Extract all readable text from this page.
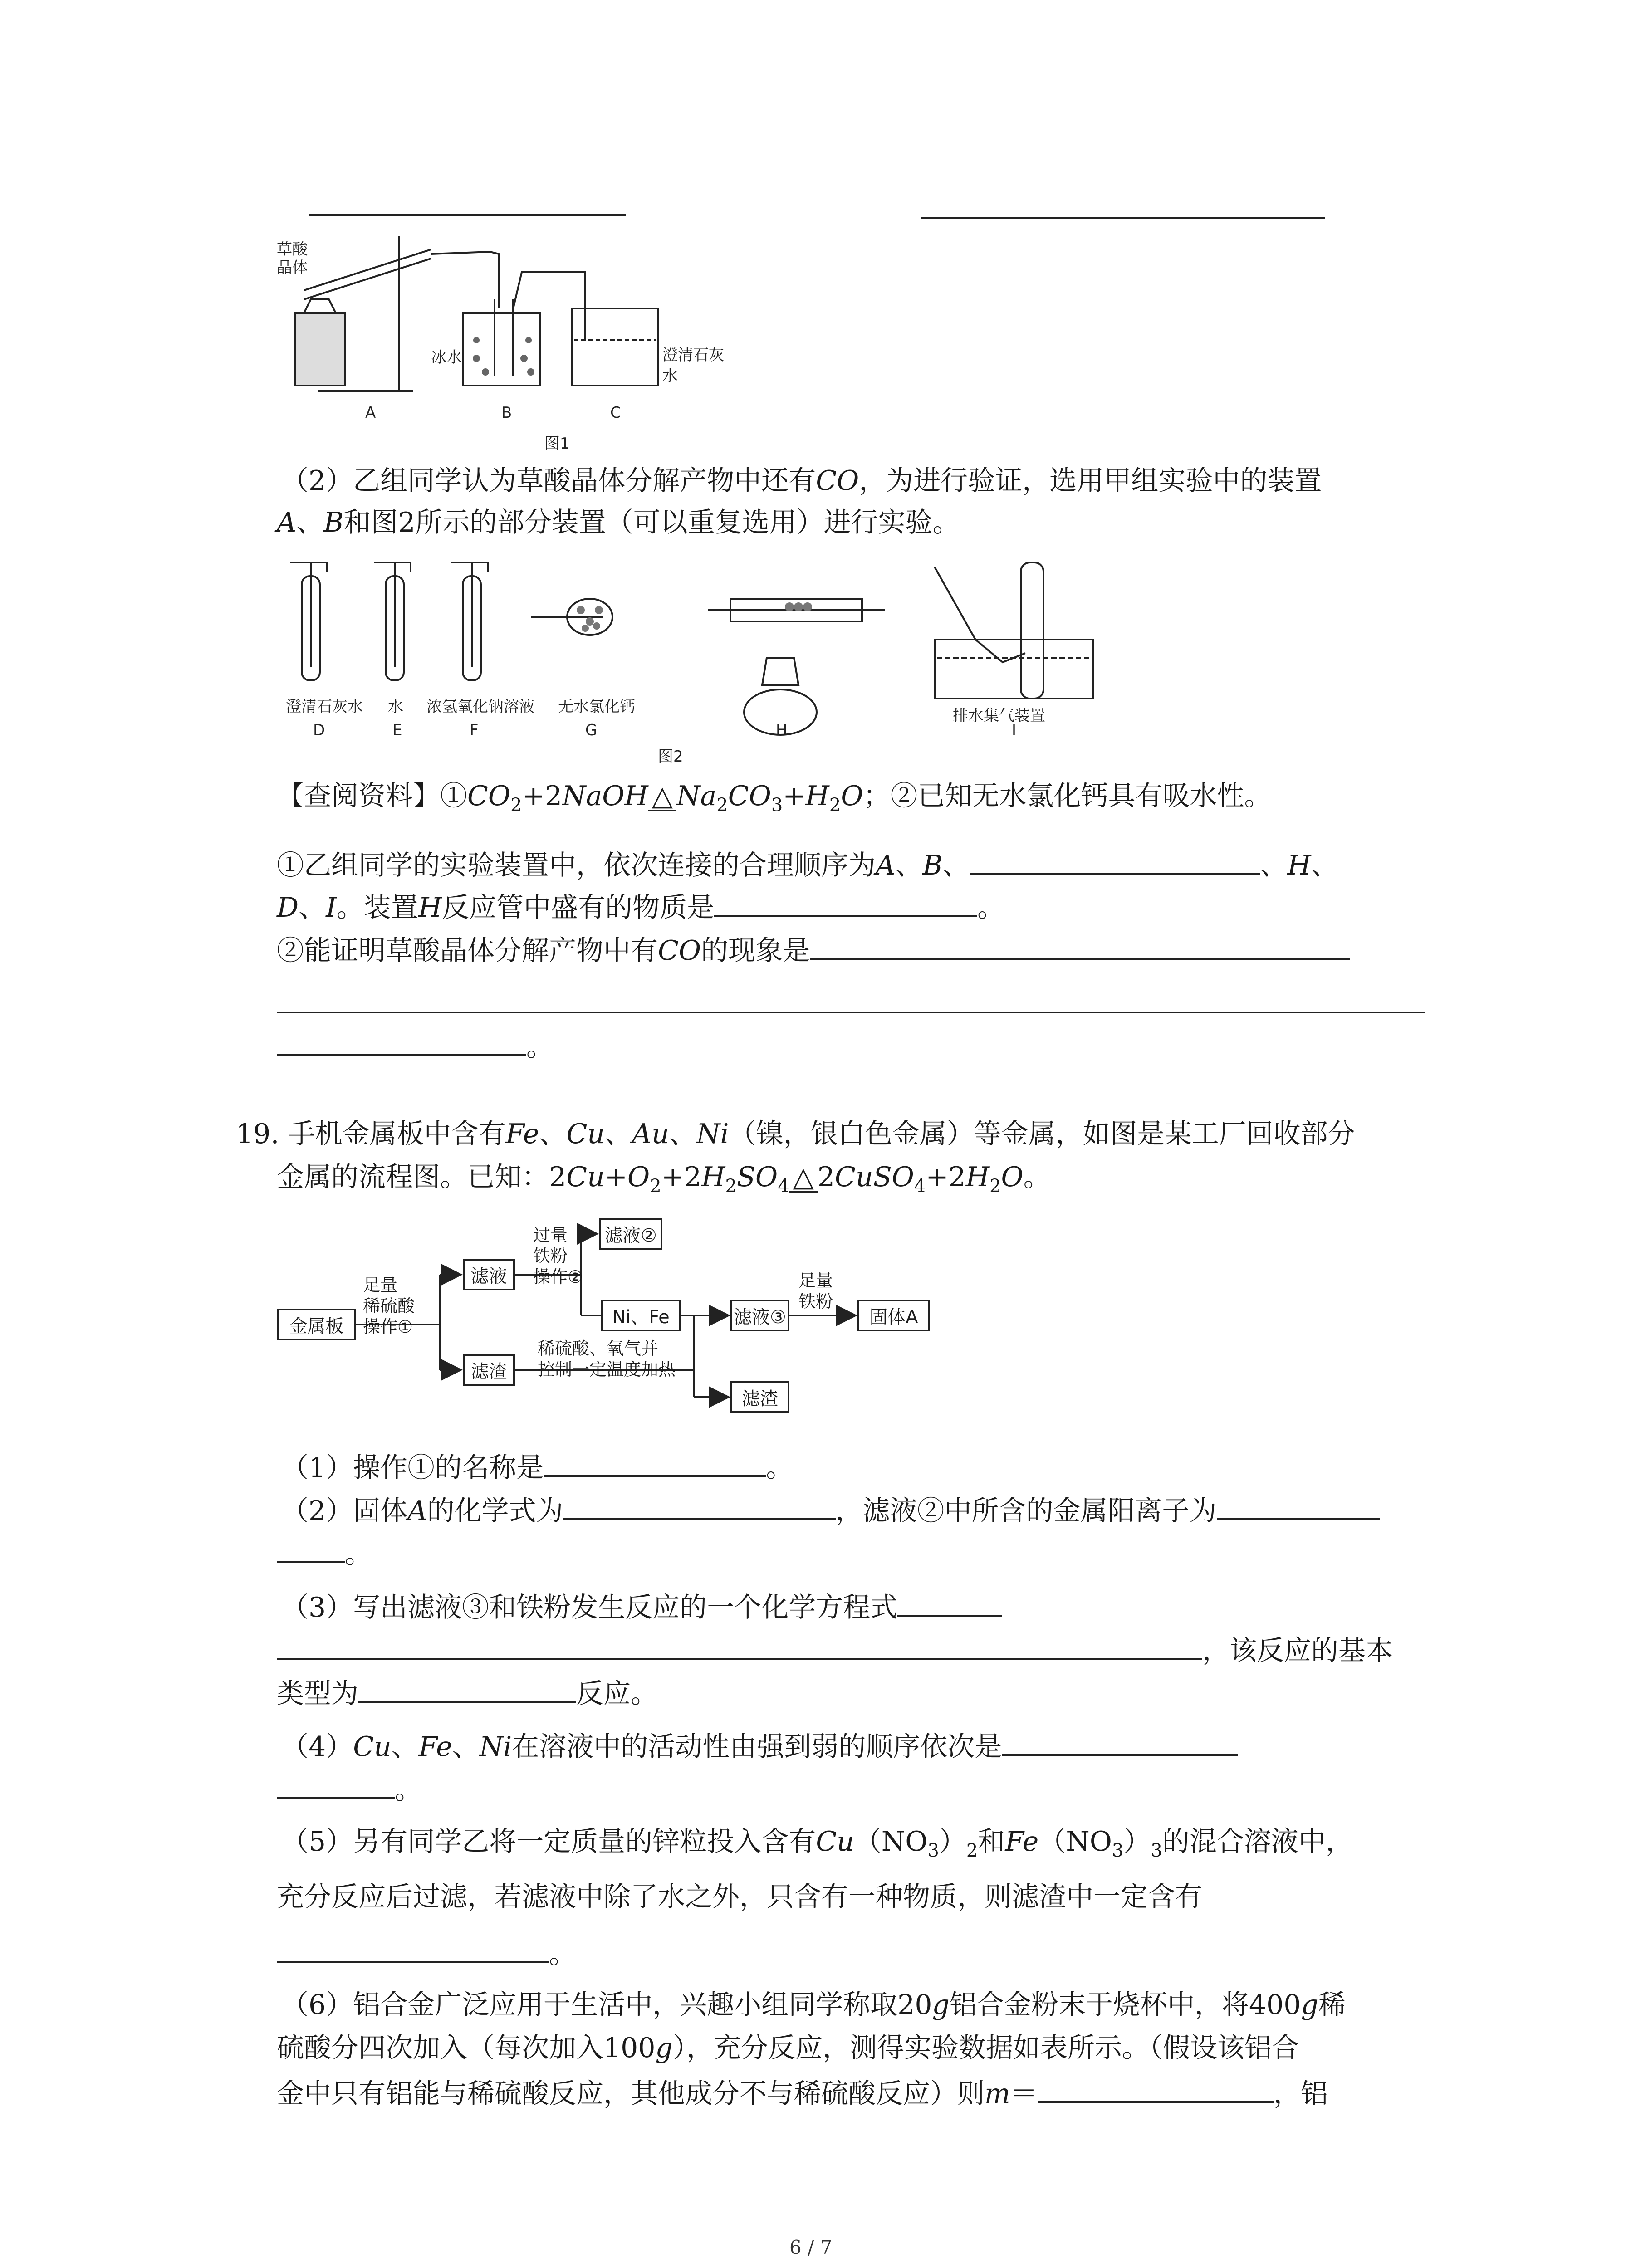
草酸晶体
冰水	澄清石灰水
A	B	C
图1
（2）乙组同学认为草酸晶体分解产物中还有CO，为进行验证，选用甲组实验中的装置
A、B和图2所示的部分装置（可以重复选用）进行实验。
澄清石灰水 水 浓氢氧化钠溶液 无水氯化钙	排水集气装置
D	E	F	G	H	I
图2
【查阅资料】$①CO_2+2NaOH$ △ $Na_2CO_3+H_2O$；②已知无水氯化钙具有吸水性。
①乙组同学的实验装置中，依次连接的合理顺序为A、B、	、H、
D、I。装置H反应管中盛有的物质是	。
②能证明草酸晶体分解产物中有CO的现象是
。
19. 手机金属板中含有Fe、Cu、Au、Ni（镍，银白色金属）等金属，如图是某工厂回收部分
金属的流程图。已知：$2Cu+O_2+2H_2SO_4$ △ $2CuSO_4+2H_2O$。
金属板
足量
稀硫酸
操作①
滤液
滤渣
过量
铁粉
操作②
滤液②
Ni、Fe
稀硫酸、氧气并
控制一定温度加热
滤液③
足量
铁粉
固体A
滤渣
（1）操作①的名称是	。
（2）固体A的化学式为	，滤液②中所含的金属阳离子为
。
（3）写出滤液③和铁粉发生反应的一个化学方程式
，该反应的基本
类型为	反应。
（4）Cu、Fe、Ni在溶液中的活动性由强到弱的顺序依次是
。
（5）另有同学乙将一定质量的锌粒投入含有$Cu(NO_3)_2$和$Fe(NO_3)_3$的混合溶液中，
充分反应后过滤，若滤液中除了水之外，只含有一种物质，则滤渣中一定含有
。
（6）铝合金广泛应用于生活中，兴趣小组同学称取20g铝合金粉末于烧杯中，将400g稀
硫酸分四次加入（每次加入100g），充分反应，测得实验数据如表所示。（假设该铝合
金中只有铝能与稀硫酸反应，其他成分不与稀硫酸反应）则m＝	，铝
6 / 7
